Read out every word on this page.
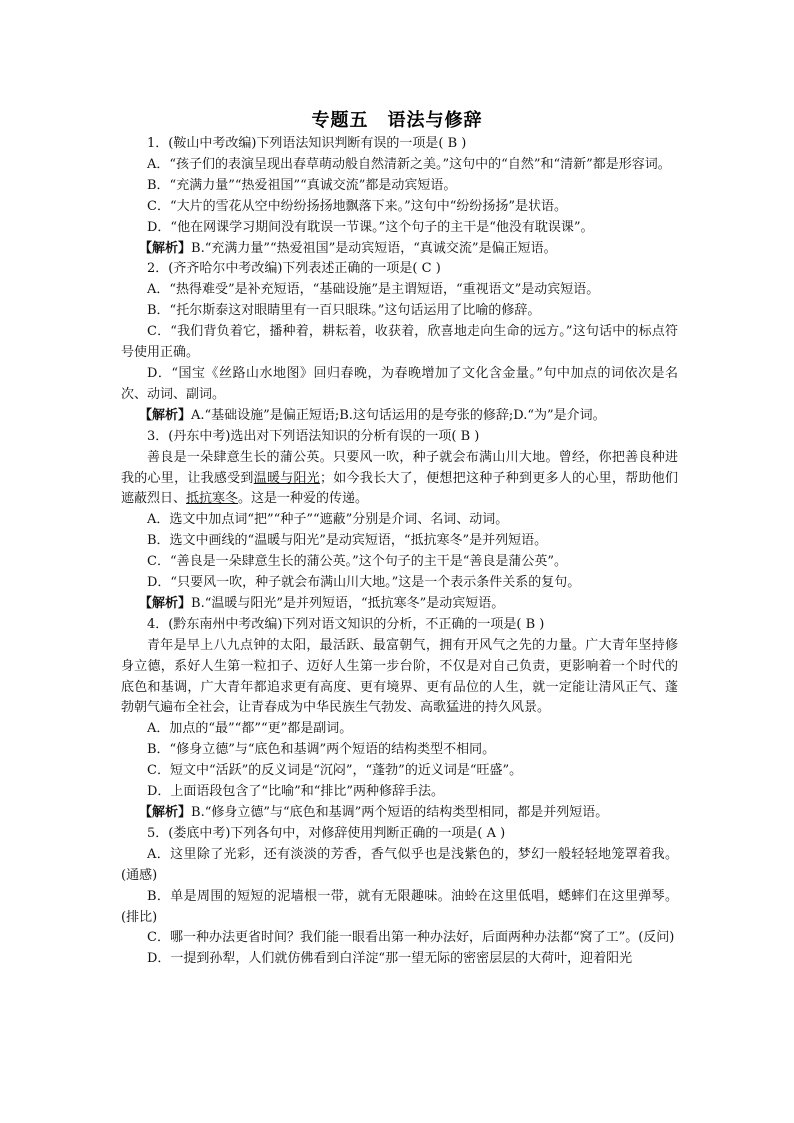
专题五　语法与修辞

1．(鞍山中考改编)下列语法知识判断有误的一项是( B )

A．“孩子们的表演呈现出春草萌动般自然清新之美。”这句中的“自然”和“清新”都是形容词。

B．“充满力量”“热爱祖国”“真诚交流”都是动宾短语。

C．“大片的雪花从空中纷纷扬扬地飘落下来。”这句中“纷纷扬扬”是状语。

D．“他在网课学习期间没有耽误一节课。”这个句子的主干是“他没有耽误课”。

【解析】B.“充满力量”“热爱祖国”是动宾短语，“真诚交流”是偏正短语。

2．(齐齐哈尔中考改编)下列表述正确的一项是( C )

A．“热得难受”是补充短语，“基础设施”是主谓短语，“重视语文”是动宾短语。

B．“托尔斯泰这对眼睛里有一百只眼珠。”这句话运用了比喻的修辞。

C．“我们背负着它，播种着，耕耘着，收获着，欣喜地走向生命的远方。”这句话中的标点符号使用正确。

D．“国宝《丝路山水地图》回归春晚，为春晚增加了文化含金量。”句中加点的词依次是名次、动词、副词。

【解析】A.“基础设施”是偏正短语;B.这句话运用的是夸张的修辞;D.“为”是介词。

3．(丹东中考)选出对下列语法知识的分析有误的一项( B )

善良是一朵肆意生长的蒲公英。只要风一吹，种子就会布满山川大地。曾经，你把善良种进我的心里，让我感受到温暖与阳光；如今我长大了，便想把这种子种到更多人的心里，帮助他们遮蔽烈日、抵抗寒冬。这是一种爱的传递。

A．选文中加点词“把”“种子”“遮蔽”分别是介词、名词、动词。

B．选文中画线的“温暖与阳光”是动宾短语，“抵抗寒冬”是并列短语。

C．“善良是一朵肆意生长的蒲公英。”这个句子的主干是“善良是蒲公英”。

D．“只要风一吹，种子就会布满山川大地。”这是一个表示条件关系的复句。

【解析】B.“温暖与阳光”是并列短语，“抵抗寒冬”是动宾短语。

4．(黔东南州中考改编)下列对语文知识的分析，不正确的一项是( B )

青年是早上八九点钟的太阳，最活跃、最富朝气，拥有开风气之先的力量。广大青年坚持修身立德，系好人生第一粒扣子、迈好人生第一步台阶，不仅是对自己负责，更影响着一个时代的底色和基调，广大青年都追求更有高度、更有境界、更有品位的人生，就一定能让清风正气、蓬勃朝气遍布全社会，让青春成为中华民族生气勃发、高歌猛进的持久风景。

A．加点的“最”“都”“更”都是副词。

B．“修身立德”与“底色和基调”两个短语的结构类型不相同。

C．短文中“活跃”的反义词是“沉闷”，“蓬勃”的近义词是“旺盛”。

D．上面语段包含了“比喻”和“排比”两种修辞手法。

【解析】B.“修身立德”与“底色和基调”两个短语的结构类型相同，都是并列短语。

5．(娄底中考)下列各句中，对修辞使用判断正确的一项是( A )

A．这里除了光彩，还有淡淡的芳香，香气似乎也是浅紫色的，梦幻一般轻轻地笼罩着我。(通感)

B．单是周围的短短的泥墙根一带，就有无限趣味。油蛉在这里低唱，蟋蟀们在这里弹琴。(排比)

C．哪一种办法更省时间？我们能一眼看出第一种办法好，后面两种办法都“窝了工”。(反问)

D．一提到孙犁，人们就仿佛看到白洋淀“那一望无际的密密层层的大荷叶，迎着阳光
